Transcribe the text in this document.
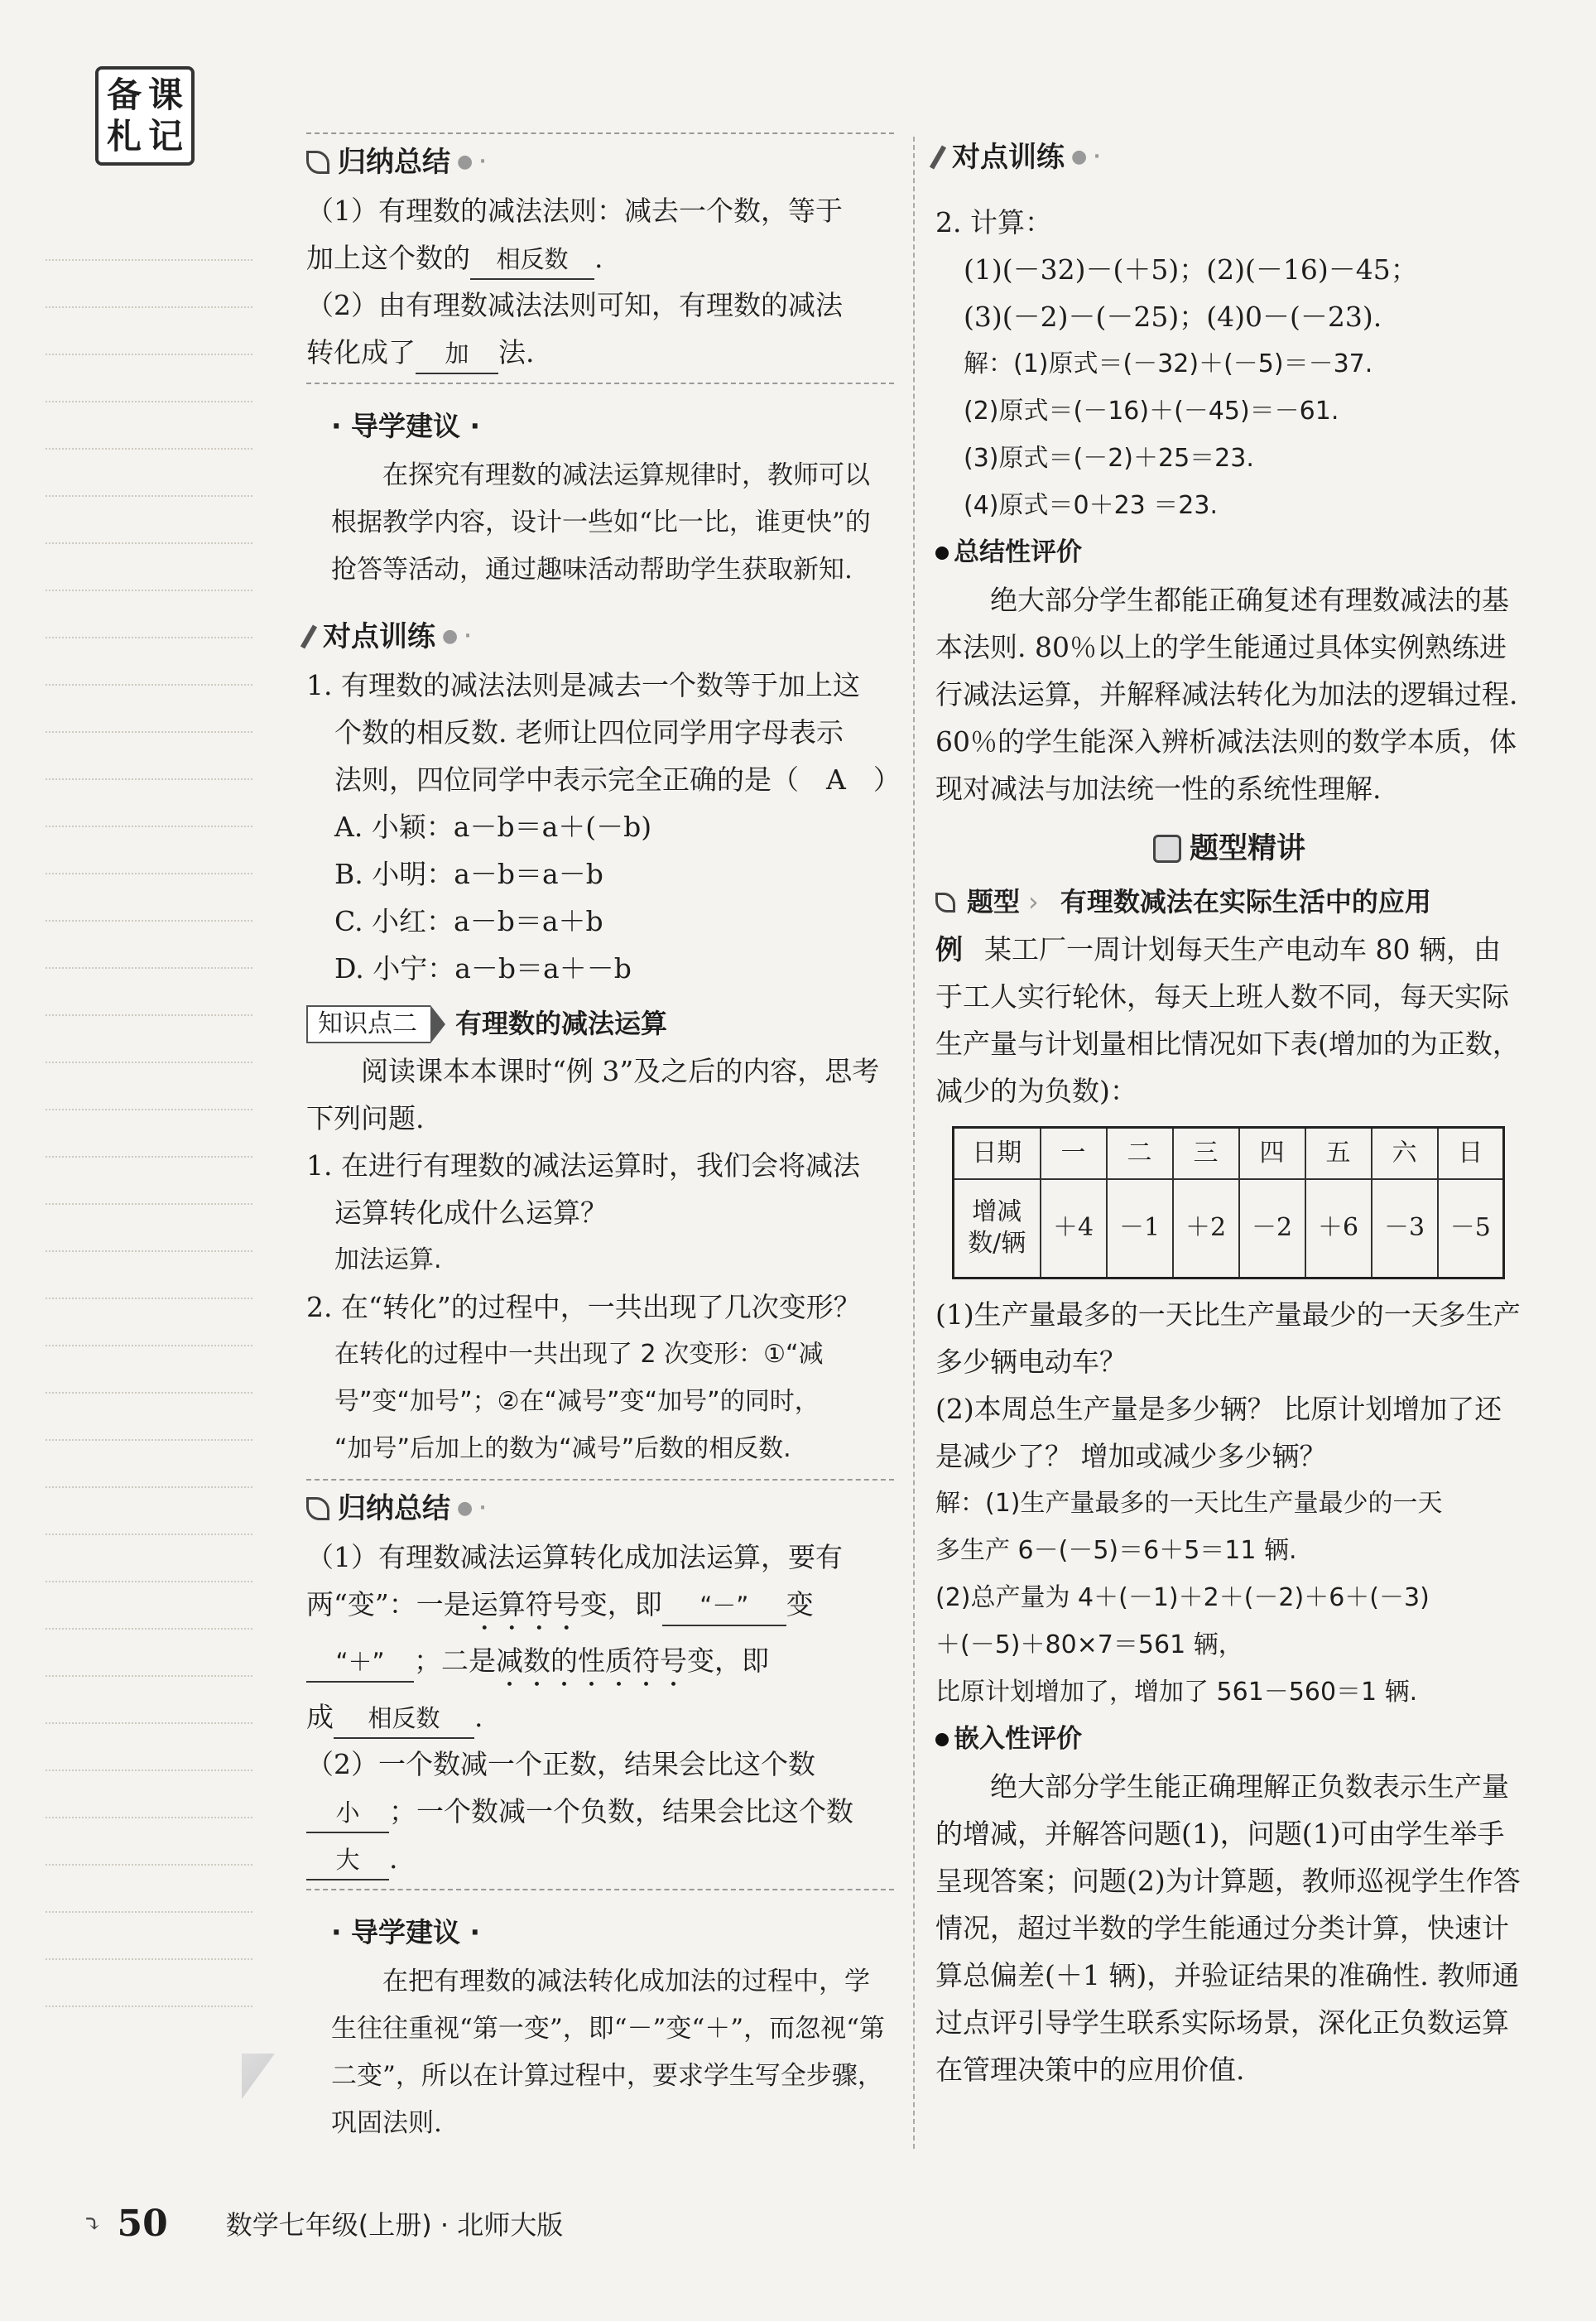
备 课
札 记
归纳总结 ● ·
（1）有理数的减法法则：减去一个数，等于
加上这个数的 相反数 .
（2）由有理数减法法则可知，有理数的减法
转化成了 加 法.
· 导学建议 ·
在探究有理数的减法运算规律时，教师可以根据教学内容，设计一些如“比一比，谁更快”的抢答等活动，通过趣味活动帮助学生获取新知.
对点训练 ● ·
1. 有理数的减法法则是减去一个数等于加上这
个数的相反数. 老师让四位同学用字母表示
法则，四位同学中表示完全正确的是（　A　）
A. 小颖：a－b＝a＋(－b)
B. 小明：a－b＝a－b
C. 小红：a－b＝a＋b
D. 小宁：a－b＝a＋－b
知识点二	有理数的减法运算
阅读课本本课时“例 3”及之后的内容，思考下列问题.
1. 在进行有理数的减法运算时，我们会将减法
运算转化成什么运算？
加法运算.
2. 在“转化”的过程中，一共出现了几次变形？
在转化的过程中一共出现了 2 次变形：①“减
号”变“加号”；②在“减号”变“加号”的同时，
“加号”后加上的数为“减号”后数的相反数.
归纳总结 ● ·
（1）有理数减法运算转化成加法运算，要有
两“变”：一是运算符号变，即 “－” 变
“＋” ；二是减数的性质符号变，即
成 相反数 .
（2）一个数减一个正数，结果会比这个数
小 ；一个数减一个负数，结果会比这个数
大 .
· 导学建议 ·
在把有理数的减法转化成加法的过程中，学生往往重视“第一变”，即“－”变“＋”，而忽视“第二变”，所以在计算过程中，要求学生写全步骤，巩固法则.
对点训练 ● ·
2. 计算：
(1)(－32)－(＋5)；(2)(－16)－45；
(3)(－2)－(－25)；(4)0－(－23).
解：(1)原式＝(－32)＋(－5)＝－37.
(2)原式＝(－16)＋(－45)＝－61.
(3)原式＝(－2)＋25＝23.
(4)原式＝0＋23 ＝23.
总结性评价
绝大部分学生都能正确复述有理数减法的基本法则. 80％以上的学生能通过具体实例熟练进行减法运算，并解释减法转化为加法的逻辑过程. 60％的学生能深入辨析减法法则的数学本质，体现对减法与加法统一性的系统性理解.
题型精讲
题型 › 有理数减法在实际生活中的应用
例 某工厂一周计划每天生产电动车 80 辆，由于工人实行轮休，每天上班人数不同，每天实际生产量与计划量相比情况如下表(增加的为正数，减少的为负数)：
日期	一	二	三	四	五	六	日

增减
数/辆	＋4	－1	＋2	－2	＋6	－3	－5
(1)生产量最多的一天比生产量最少的一天多生产多少辆电动车？
(2)本周总生产量是多少辆？ 比原计划增加了还是减少了？ 增加或减少多少辆？
解：(1)生产量最多的一天比生产量最少的一天
多生产 6－(－5)＝6＋5＝11 辆.
(2)总产量为 4＋(－1)＋2＋(－2)＋6＋(－3)
＋(－5)＋80×7＝561 辆，
比原计划增加了，增加了 561－560＝1 辆.
嵌入性评价
绝大部分学生能正确理解正负数表示生产量的增减，并解答问题(1)，问题(1)可由学生举手呈现答案；问题(2)为计算题，教师巡视学生作答情况，超过半数的学生能通过分类计算，快速计算总偏差(＋1 辆)，并验证结果的准确性. 教师通过点评引导学生联系实际场景，深化正负数运算在管理决策中的应用价值.
⤵ 50 数学七年级(上册) · 北师大版
